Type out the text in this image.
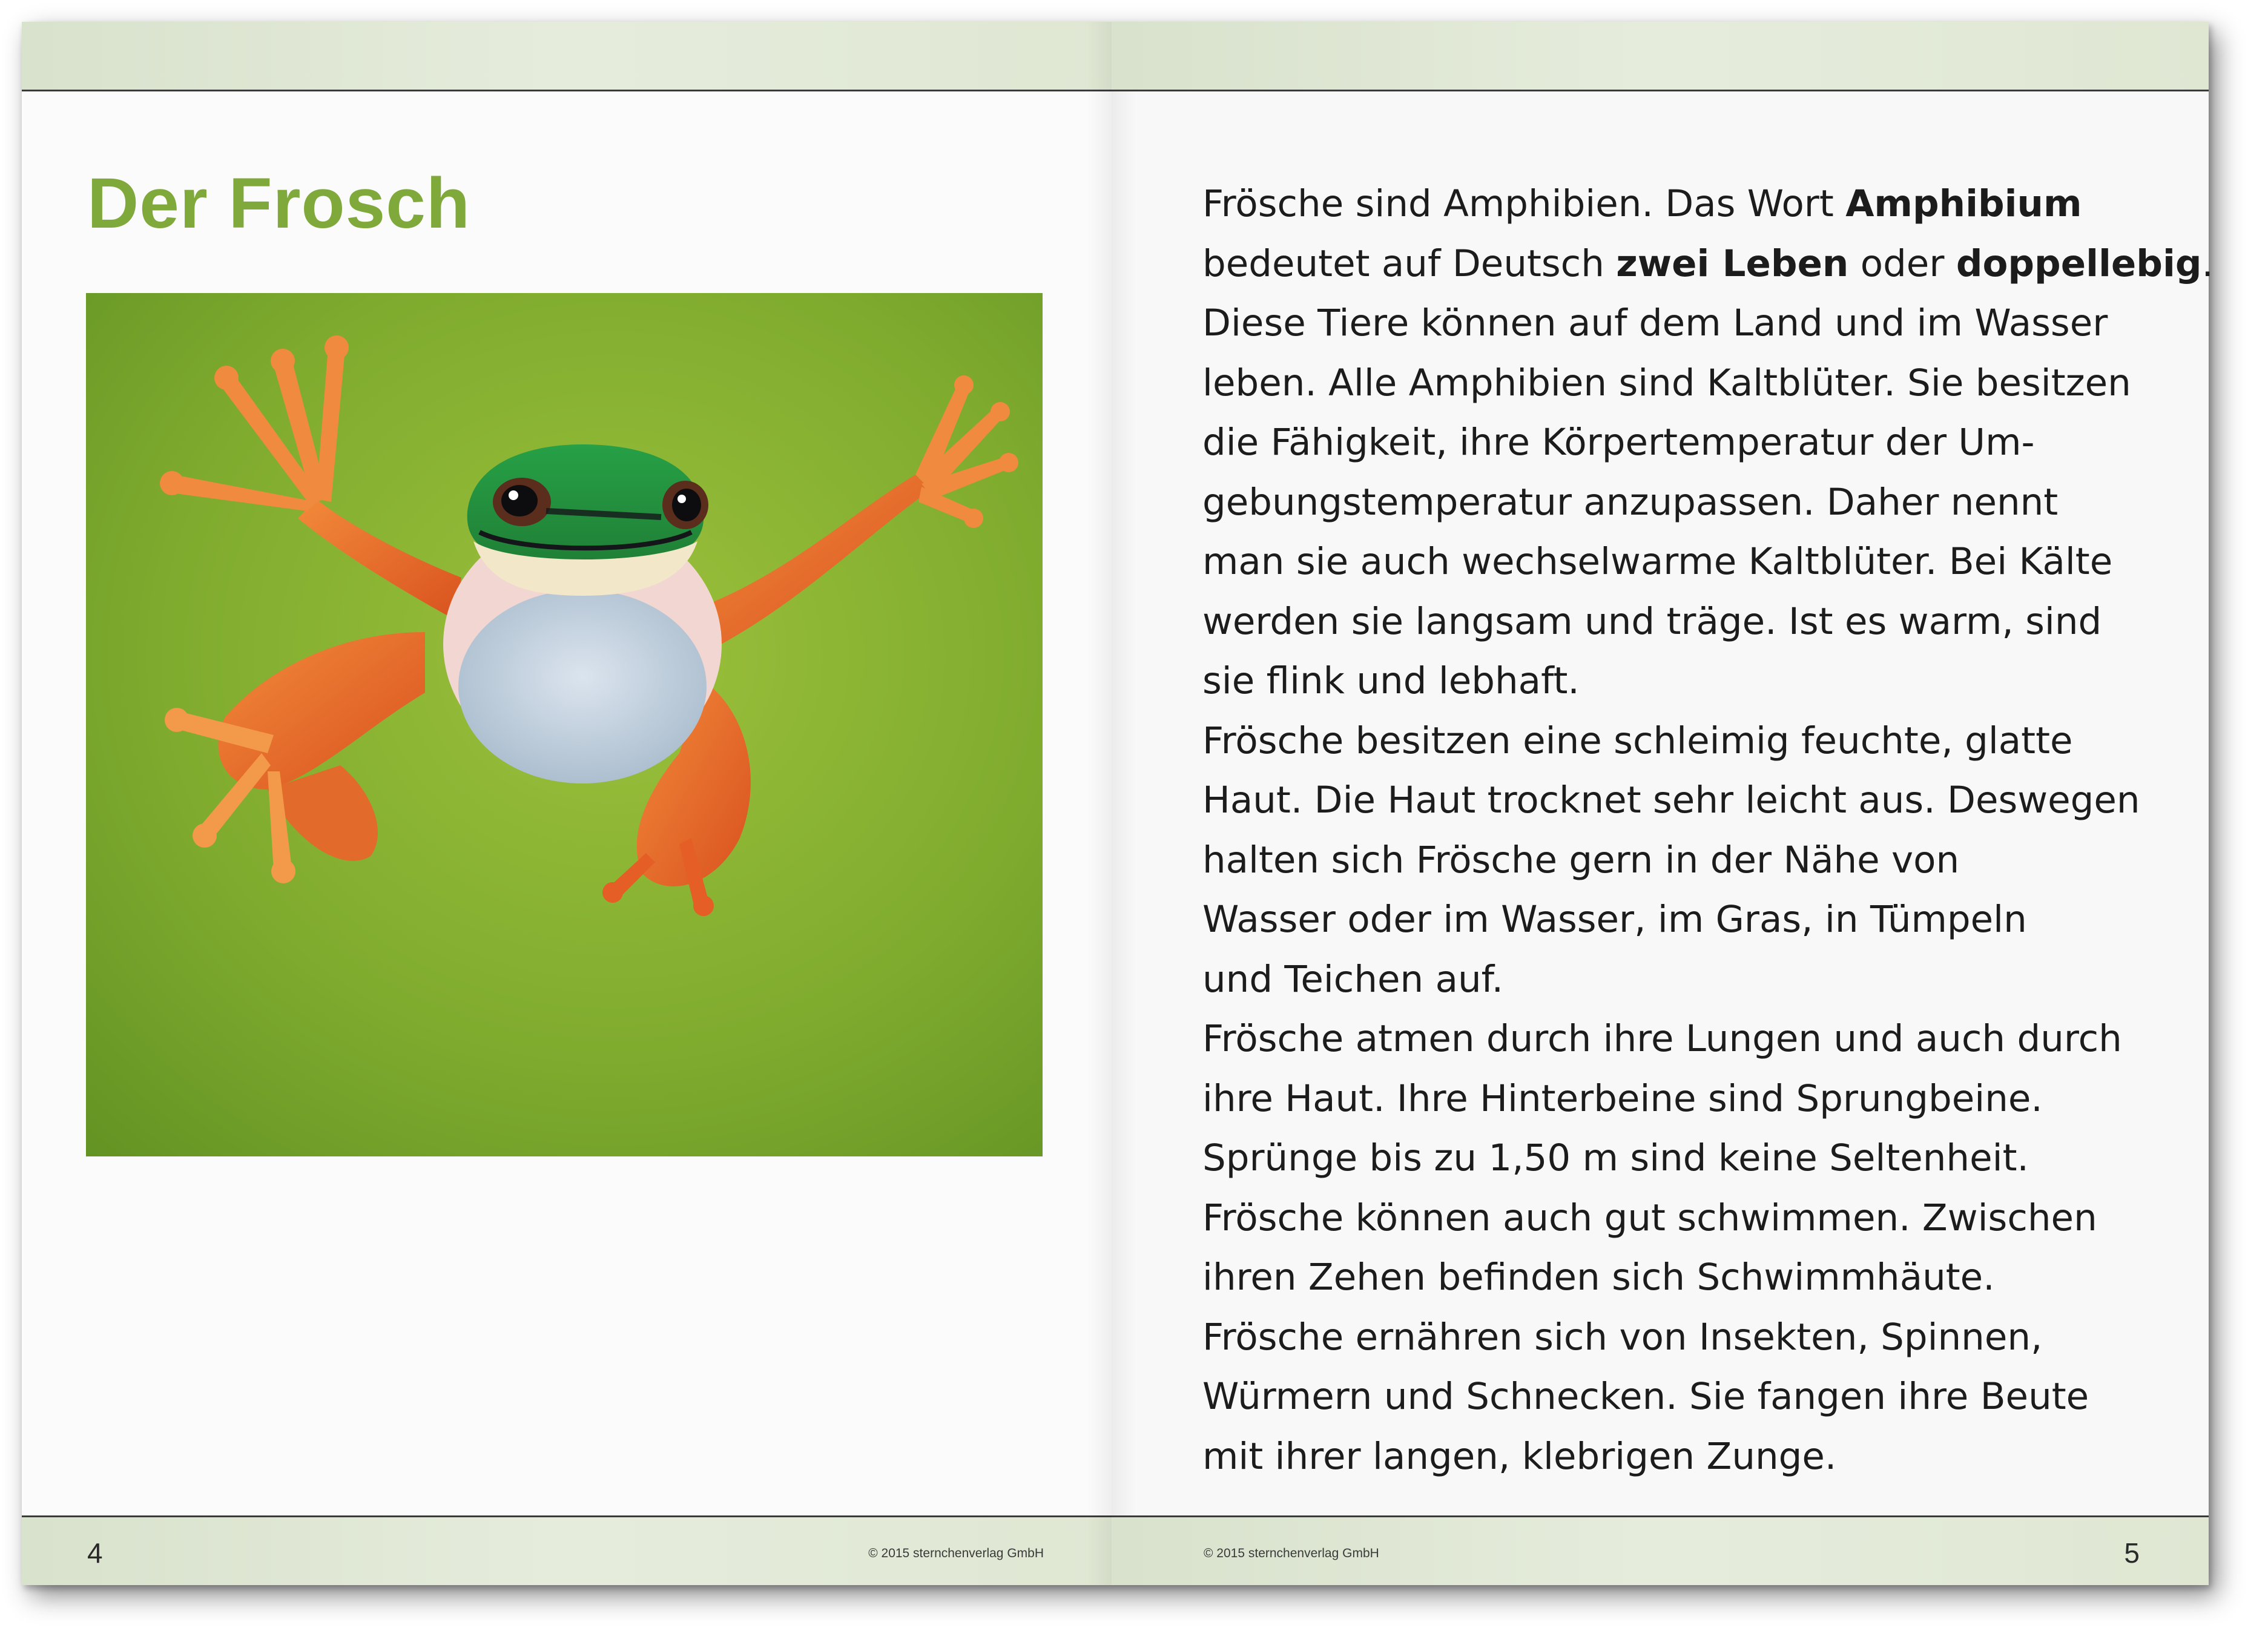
Der Frosch
4	© 2015 sternchenverlag GmbH
Frösche sind Amphibien. Das Wort Amphibium
bedeutet auf Deutsch zwei Leben oder doppellebig.
Diese Tiere können auf dem Land und im Wasser
leben. Alle Amphibien sind Kaltblüter. Sie besitzen
die Fähigkeit, ihre Körpertemperatur der Um-
gebungstemperatur anzupassen. Daher nennt
man sie auch wechselwarme Kaltblüter. Bei Kälte
werden sie langsam und träge. Ist es warm, sind
sie flink und lebhaft.
Frösche besitzen eine schleimig feuchte, glatte
Haut. Die Haut trocknet sehr leicht aus. Deswegen
halten sich Frösche gern in der Nähe von
Wasser oder im Wasser, im Gras, in Tümpeln
und Teichen auf.
Frösche atmen durch ihre Lungen und auch durch
ihre Haut. Ihre Hinterbeine sind Sprungbeine.
Sprünge bis zu 1,50 m sind keine Seltenheit.
Frösche können auch gut schwimmen. Zwischen
ihren Zehen befinden sich Schwimmhäute.
Frösche ernähren sich von Insekten, Spinnen,
Würmern und Schnecken. Sie fangen ihre Beute
mit ihrer langen, klebrigen Zunge.
© 2015 sternchenverlag GmbH	5
